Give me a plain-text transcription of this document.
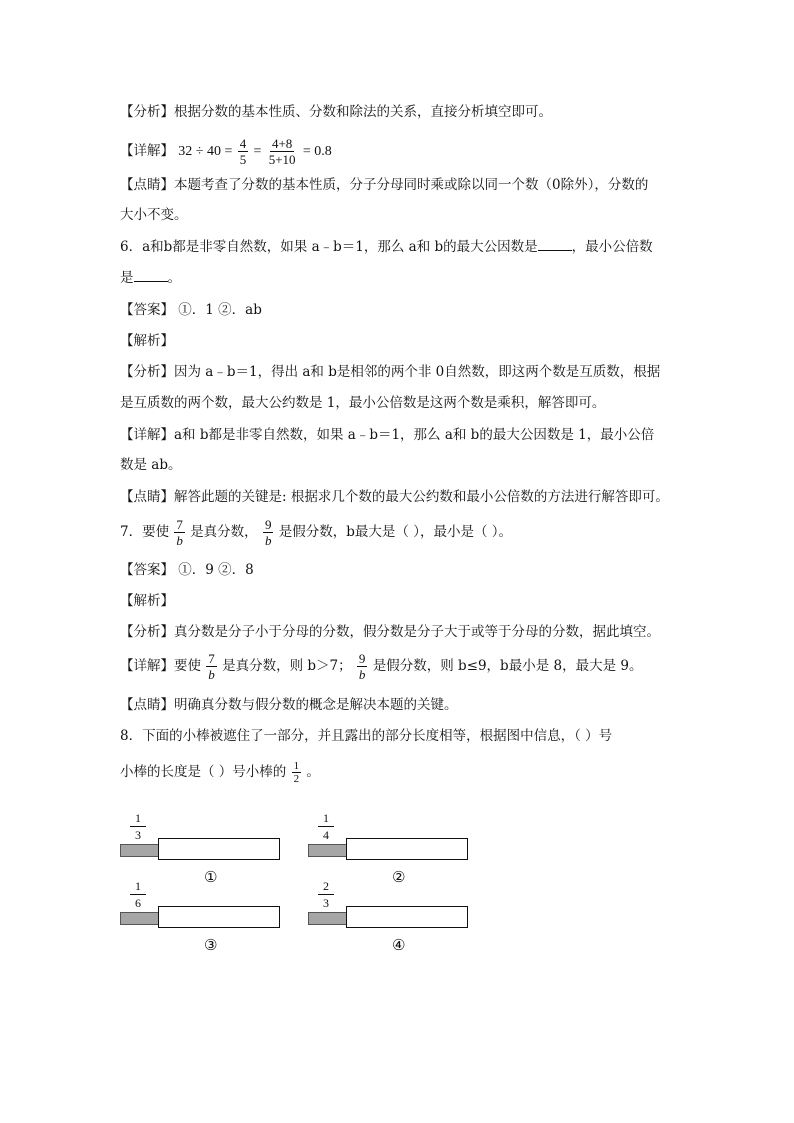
【分析】根据分数的基本性质、分数和除法的关系，直接分析填空即可。
【详解】 $32 \div 40 = \frac{4}{5} = \frac{4+8}{5+10} = 0.8$
【点睛】本题考查了分数的基本性质，分子分母同时乘或除以同一个数（0除外），分数的
大小不变。
6．a和b都是非零自然数，如果 a﹣b＝1，那么 a和 b的最大公因数是	，最小公倍数
是	。
【答案】 ①．1 ②．ab
【解析】
【分析】因为 a﹣b＝1，得出 a和 b是相邻的两个非 0自然数，即这两个数是互质数，根据
是互质数的两个数，最大公约数是 1，最小公倍数是这两个数是乘积，解答即可。
【详解】a和 b都是非零自然数，如果 a﹣b＝1，那么 a和 b的最大公因数是 1，最小公倍
数是 ab。
【点睛】解答此题的关键是: 根据求几个数的最大公约数和最小公倍数的方法进行解答即可。
7．要使 $\frac{7}{b}$ 是真分数， $\frac{9}{b}$ 是假分数，b最大是（ ），最小是（ ）。
【答案】 ①．9 ②．8
【解析】
【分析】真分数是分子小于分母的分数，假分数是分子大于或等于分母的分数，据此填空。
【详解】要使 $\frac{7}{b}$ 是真分数，则 b＞7； $\frac{9}{b}$ 是假分数，则 b≤9，b最小是 8，最大是 9。
【点睛】明确真分数与假分数的概念是解决本题的关键。
8．下面的小棒被遮住了一部分，并且露出的部分长度相等，根据图中信息，（ ）号
小棒的长度是（ ）号小棒的 $\frac{1}{2}$ 。
$\frac{1}{3}$
①
$\frac{1}{4}$
②
$\frac{1}{6}$
③
$\frac{2}{3}$
④
